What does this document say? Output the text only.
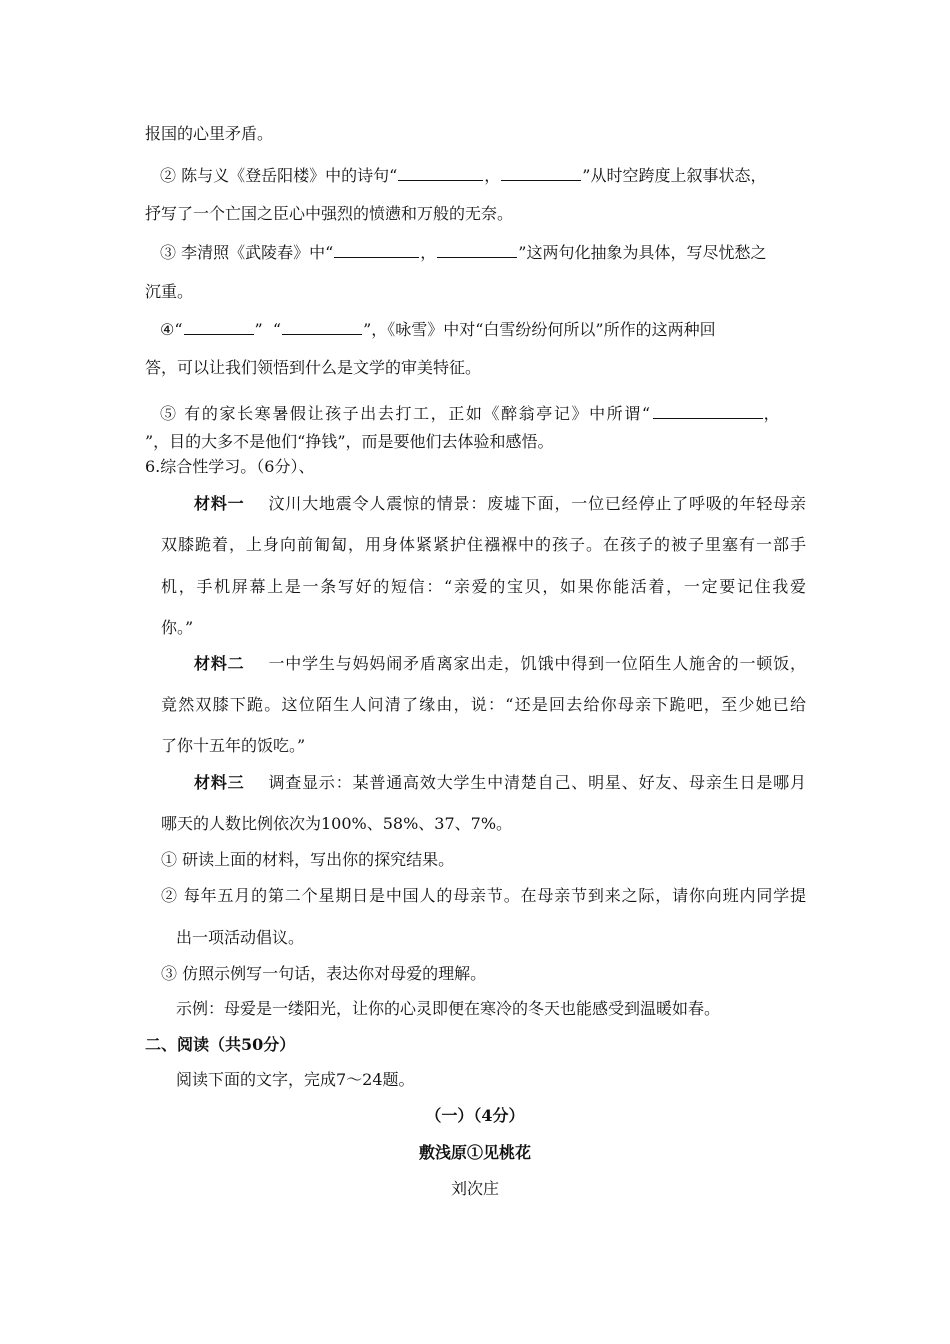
报国的心里矛盾。
② 陈与义《登岳阳楼》中的诗句“	，	”从时空跨度上叙事状态，
抒写了一个亡国之臣心中强烈的愤懑和万般的无奈。
③ 李清照《武陵春》中“	，	”这两句化抽象为具体，写尽忧愁之
沉重。
④“	”  “	”，《咏雪》中对“白雪纷纷何所以”所作的这两种回
答，可以让我们领悟到什么是文学的审美特征。
⑤ 有的家长寒暑假让孩子出去打工，正如《醉翁亭记》中所谓“	，
”，目的大多不是他们“挣钱”，而是要他们去体验和感悟。
6.综合性学习。（6分）、
材料一 汶川大地震令人震惊的情景：废墟下面，一位已经停止了呼吸的年轻母亲
双膝跪着，上身向前匍匐，用身体紧紧护住襁褓中的孩子。在孩子的被子里塞有一部手
机，手机屏幕上是一条写好的短信：“亲爱的宝贝，如果你能活着，一定要记住我爱
你。”
材料二 一中学生与妈妈闹矛盾离家出走，饥饿中得到一位陌生人施舍的一顿饭，
竟然双膝下跪。这位陌生人问清了缘由，说：“还是回去给你母亲下跪吧，至少她已给
了你十五年的饭吃。”
材料三 调查显示：某普通高效大学生中清楚自己、明星、好友、母亲生日是哪月
哪天的人数比例依次为100%、58%、37、7%。
① 研读上面的材料，写出你的探究结果。
② 每年五月的第二个星期日是中国人的母亲节。在母亲节到来之际，请你向班内同学提
出一项活动倡议。
③ 仿照示例写一句话，表达你对母爱的理解。
示例：母爱是一缕阳光，让你的心灵即便在寒冷的冬天也能感受到温暖如春。
二、阅读（共50分）
阅读下面的文字，完成7～24题。
（一）（4分）
敷浅原①见桃花
刘次庄
